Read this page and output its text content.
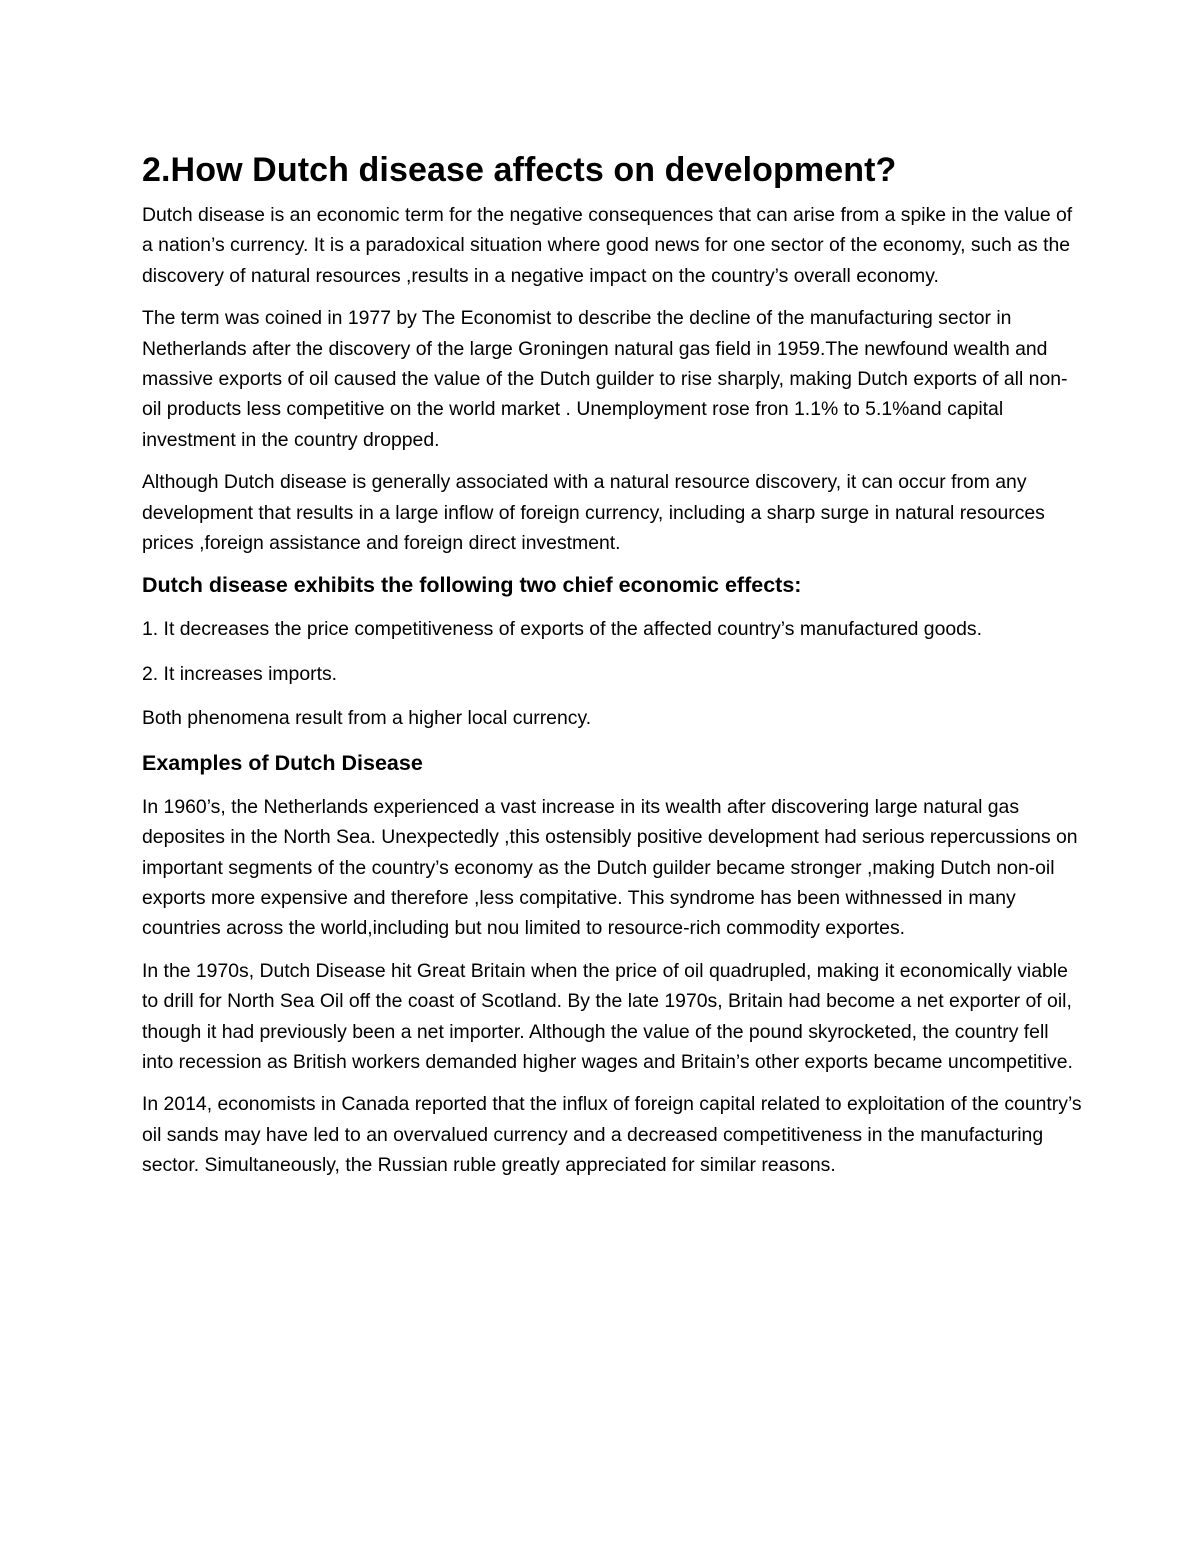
2.How Dutch disease affects on development?

Dutch disease is an economic term for the negative consequences that can arise from a spike in the value of a nation’s currency. It is a paradoxical situation where good news for one sector of the economy, such as the discovery of natural resources ,results in a negative impact on the country’s overall economy.

The term was coined in 1977 by The Economist to describe the decline of the manufacturing sector in Netherlands after the discovery of the large Groningen natural gas field in 1959.The newfound wealth and massive exports of oil caused the value of the Dutch guilder to rise sharply, making Dutch exports of all non-oil products less competitive on the world market . Unemployment rose fron 1.1% to 5.1%and capital investment in the country dropped.

Although Dutch disease is generally associated with a natural resource discovery, it can occur from any development that results in a large inflow of foreign currency, including a sharp surge in natural resources prices ,foreign assistance and foreign direct investment.

Dutch disease exhibits the following two chief economic effects:

1. It decreases the price competitiveness of exports of the affected country’s manufactured goods.

2. It increases imports.

Both phenomena result from a higher local currency.

Examples of Dutch Disease

In 1960’s, the Netherlands experienced a vast increase in its wealth after discovering large natural gas deposites in the North Sea. Unexpectedly ,this ostensibly positive development had serious repercussions on important segments of the country’s economy as the Dutch guilder became stronger ,making Dutch non-oil exports more expensive and therefore ,less compitative. This syndrome has been withnessed in many countries across the world,including but nou limited to resource-rich commodity exportes.

In the 1970s, Dutch Disease hit Great Britain when the price of oil quadrupled, making it economically viable to drill for North Sea Oil off the coast of Scotland. By the late 1970s, Britain had become a net exporter of oil, though it had previously been a net importer. Although the value of the pound skyrocketed, the country fell into recession as British workers demanded higher wages and Britain’s other exports became uncompetitive.

In 2014, economists in Canada reported that the influx of foreign capital related to exploitation of the country’s oil sands may have led to an overvalued currency and a decreased competitiveness in the manufacturing sector. Simultaneously, the Russian ruble greatly appreciated for similar reasons.
